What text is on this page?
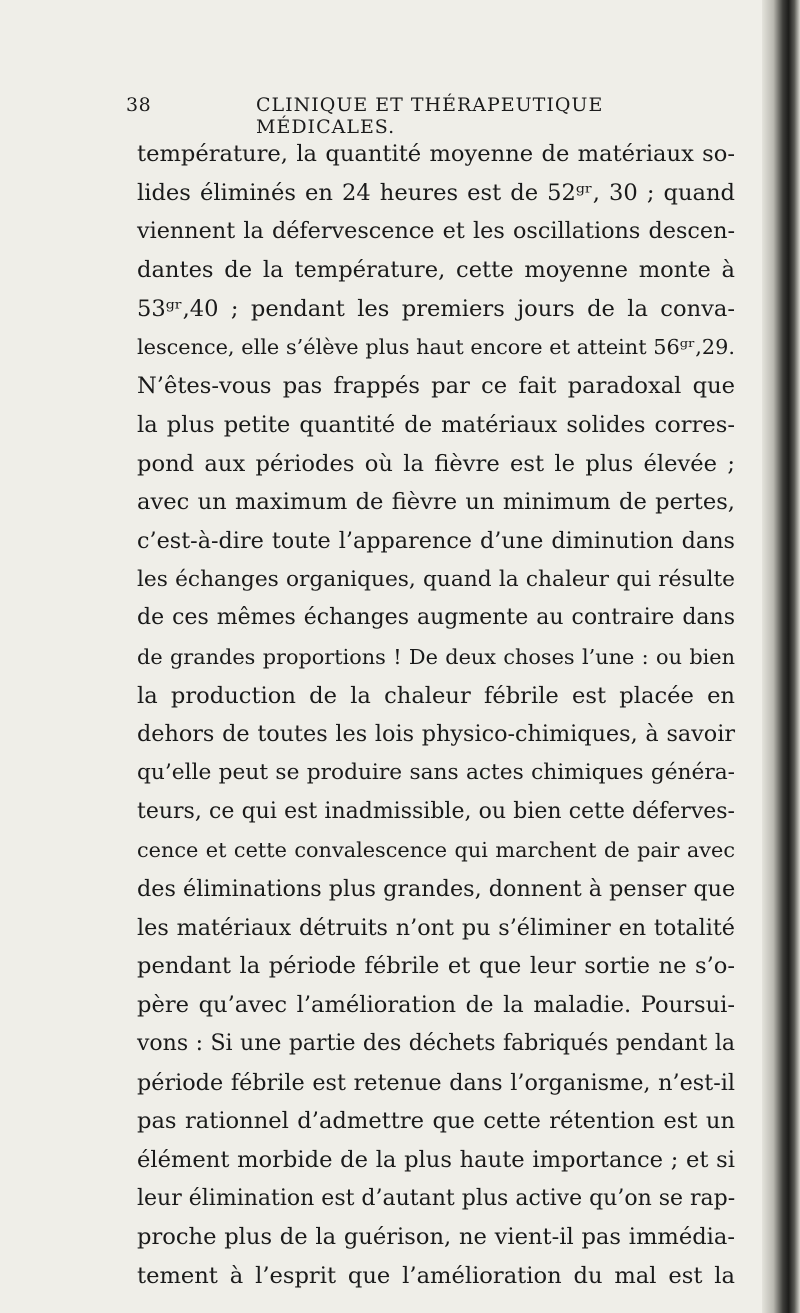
38	CLINIQUE ET THÉRAPEUTIQUE MÉDICALES.
température, la quantité moyenne de matériaux so-
lides éliminés en 24 heures est de 52ᵍʳ, 30 ; quand
viennent la défervescence et les oscillations descen-
dantes de la température, cette moyenne monte à
53ᵍʳ,40 ; pendant les premiers jours de la conva-
lescence, elle s’élève plus haut encore et atteint 56ᵍʳ,29.
N’êtes-vous pas frappés par ce fait paradoxal que
la plus petite quantité de matériaux solides corres-
pond aux périodes où la fièvre est le plus élevée ;
avec un maximum de fièvre un minimum de pertes,
c’est-à-dire toute l’apparence d’une diminution dans
les échanges organiques, quand la chaleur qui résulte
de ces mêmes échanges augmente au contraire dans
de grandes proportions ! De deux choses l’une : ou bien
la production de la chaleur fébrile est placée en
dehors de toutes les lois physico-chimiques, à savoir
qu’elle peut se produire sans actes chimiques généra-
teurs, ce qui est inadmissible, ou bien cette déferves-
cence et cette convalescence qui marchent de pair avec
des éliminations plus grandes, donnent à penser que
les matériaux détruits n’ont pu s’éliminer en totalité
pendant la période fébrile et que leur sortie ne s’o-
père qu’avec l’amélioration de la maladie. Poursui-
vons : Si une partie des déchets fabriqués pendant la
période fébrile est retenue dans l’organisme, n’est-il
pas rationnel d’admettre que cette rétention est un
élément morbide de la plus haute importance ; et si
leur élimination est d’autant plus active qu’on se rap-
proche plus de la guérison, ne vient-il pas immédia-
tement à l’esprit que l’amélioration du mal est la
